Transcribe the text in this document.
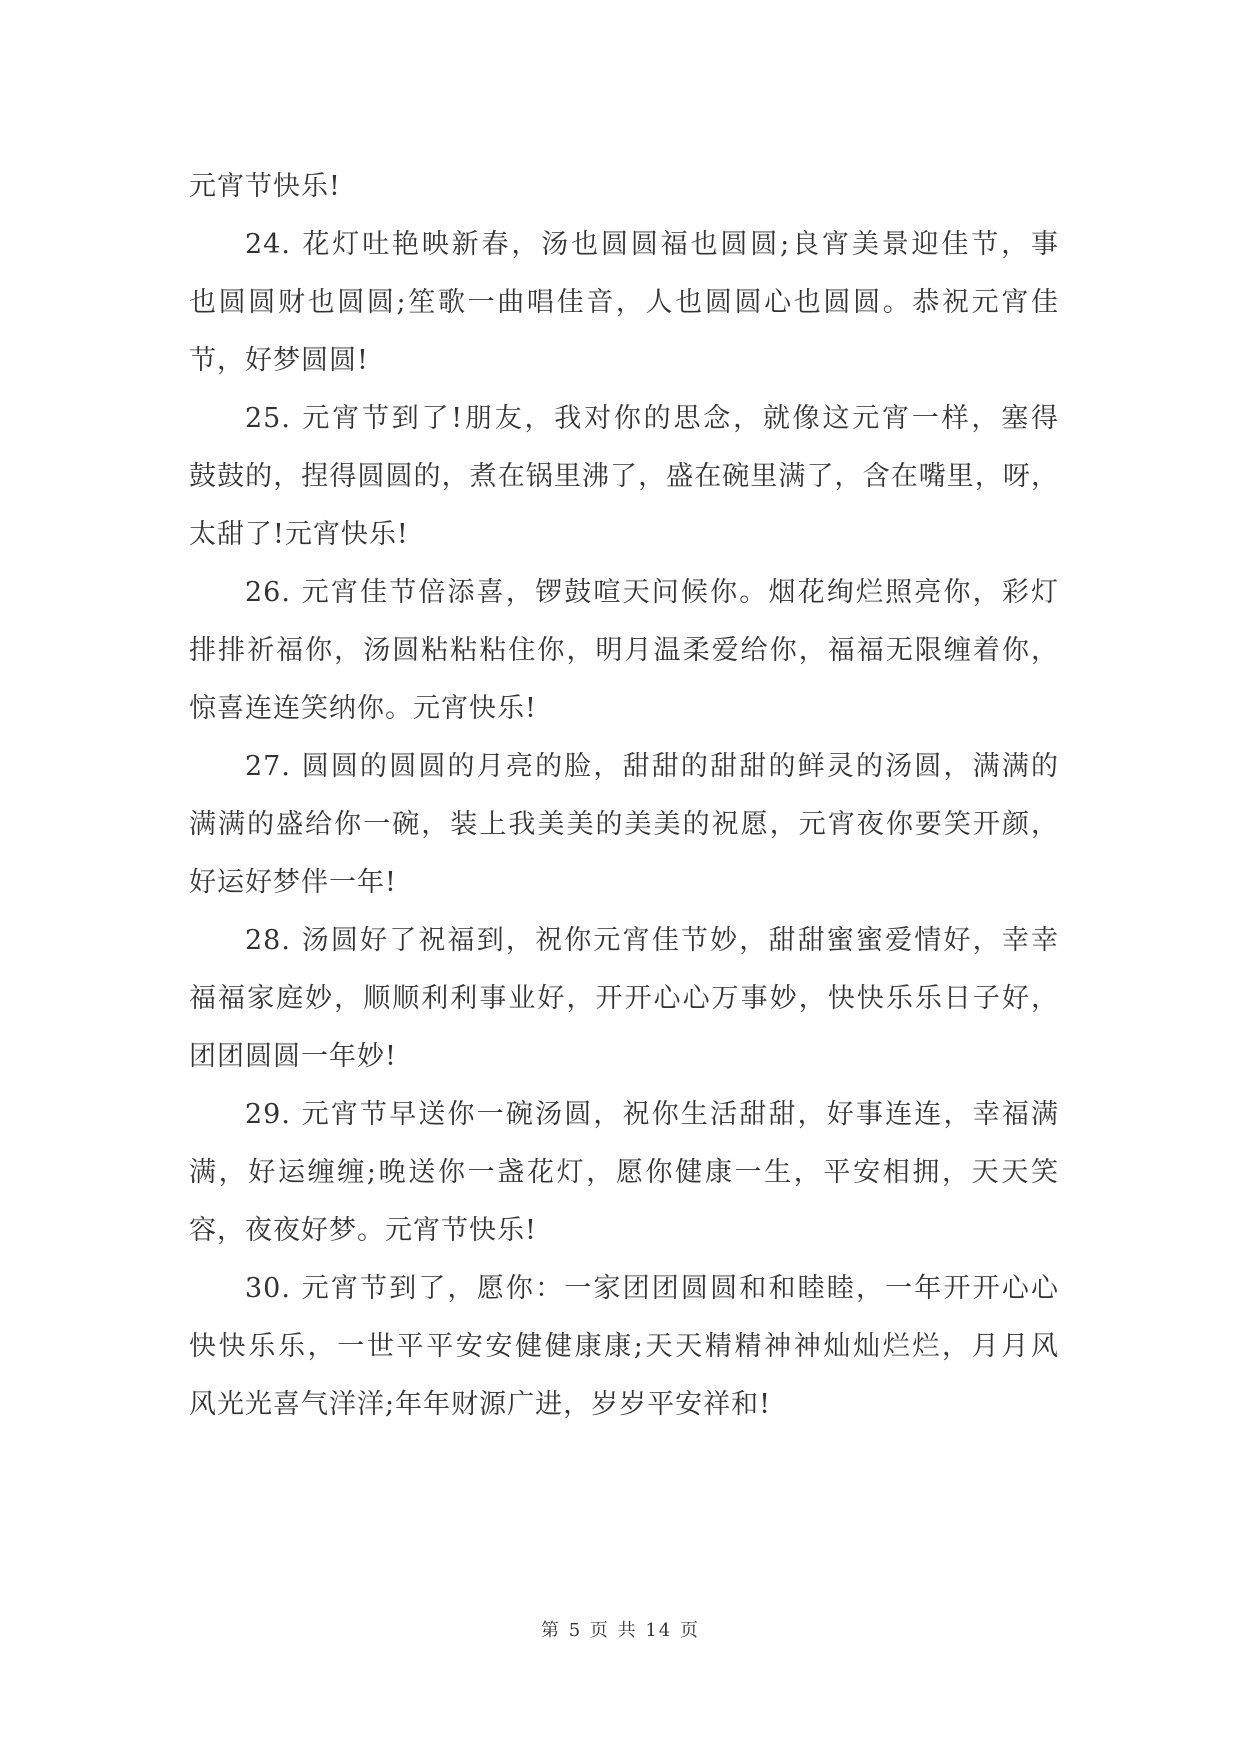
元宵节快乐!
24. 花灯吐艳映新春，汤也圆圆福也圆圆;良宵美景迎佳节，事
也圆圆财也圆圆;笙歌一曲唱佳音，人也圆圆心也圆圆。恭祝元宵佳
节，好梦圆圆!
25. 元宵节到了!朋友，我对你的思念，就像这元宵一样，塞得
鼓鼓的，捏得圆圆的，煮在锅里沸了，盛在碗里满了，含在嘴里，呀，
太甜了!元宵快乐!
26. 元宵佳节倍添喜，锣鼓喧天问候你。烟花绚烂照亮你，彩灯
排排祈福你，汤圆粘粘粘住你，明月温柔爱给你，福福无限缠着你，
惊喜连连笑纳你。元宵快乐!
27. 圆圆的圆圆的月亮的脸，甜甜的甜甜的鲜灵的汤圆，满满的
满满的盛给你一碗，装上我美美的美美的祝愿，元宵夜你要笑开颜，
好运好梦伴一年!
28. 汤圆好了祝福到，祝你元宵佳节妙，甜甜蜜蜜爱情好，幸幸
福福家庭妙，顺顺利利事业好，开开心心万事妙，快快乐乐日子好，
团团圆圆一年妙!
29. 元宵节早送你一碗汤圆，祝你生活甜甜，好事连连，幸福满
满，好运缠缠;晚送你一盏花灯，愿你健康一生，平安相拥，天天笑
容，夜夜好梦。元宵节快乐!
30. 元宵节到了，愿你：一家团团圆圆和和睦睦，一年开开心心
快快乐乐，一世平平安安健健康康;天天精精神神灿灿烂烂，月月风
风光光喜气洋洋;年年财源广进，岁岁平安祥和!
第 5 页 共 14 页
